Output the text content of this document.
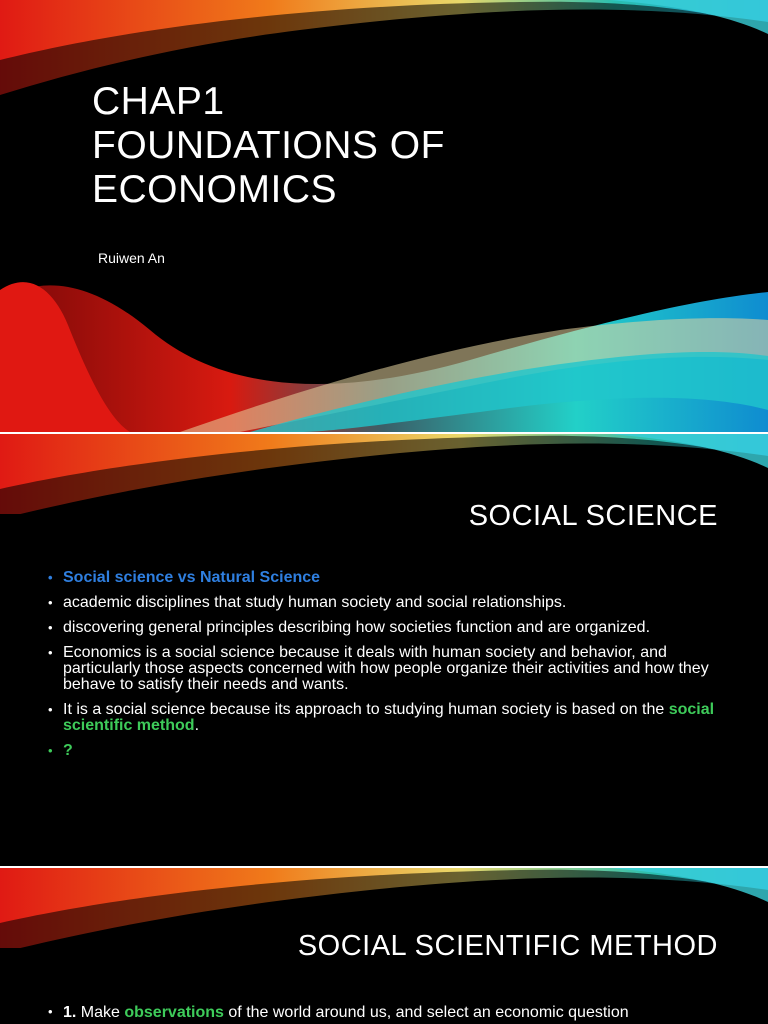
CHAP1
FOUNDATIONS OF
ECONOMICS
Ruiwen An
SOCIAL SCIENCE
• Social science vs Natural Science
• academic disciplines that study human society and social relationships.
• discovering general principles describing how societies function and are organized.
• Economics is a social science because it deals with human society and behavior, and particularly those aspects concerned with how people organize their activities and how they behave to satisfy their needs and wants.
• It is a social science because its approach to studying human society is based on the social scientific method.
• ?
SOCIAL SCIENTIFIC METHOD
• 1. Make observations of the world around us, and select an economic question
